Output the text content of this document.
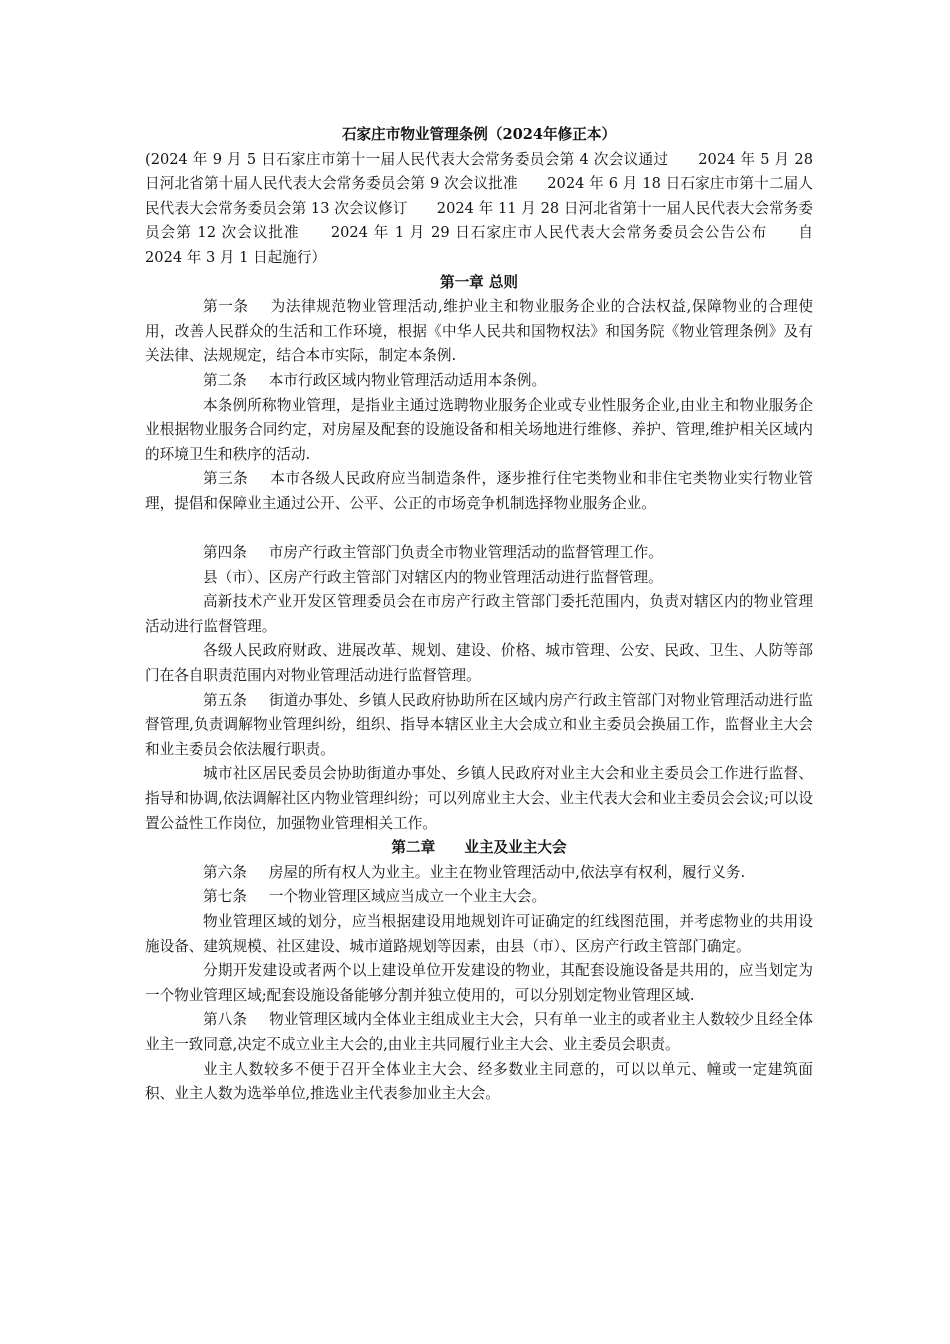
石家庄市物业管理条例（2024年修正本）

(2024 年 9 月 5 日石家庄市第十一届人民代表大会常务委员会第 4 次会议通过　　2024 年 5 月 28 日河北省第十届人民代表大会常务委员会第 9 次会议批准　　2024 年 6 月 18 日石家庄市第十二届人民代表大会常务委员会第 13 次会议修订　　2024 年 11 月 28 日河北省第十一届人民代表大会常务委员会第 12 次会议批准　　2024 年 1 月 29 日石家庄市人民代表大会常务委员会公告公布　　自 2024 年 3 月 1 日起施行）

第一章 总则

第一条 为法律规范物业管理活动,维护业主和物业服务企业的合法权益,保障物业的合理使用，改善人民群众的生活和工作环境，根据《中华人民共和国物权法》和国务院《物业管理条例》及有关法律、法规规定，结合本市实际，制定本条例.

第二条 本市行政区域内物业管理活动适用本条例。

本条例所称物业管理，是指业主通过选聘物业服务企业或专业性服务企业,由业主和物业服务企业根据物业服务合同约定，对房屋及配套的设施设备和相关场地进行维修、养护、管理,维护相关区域内的环境卫生和秩序的活动.

第三条 本市各级人民政府应当制造条件，逐步推行住宅类物业和非住宅类物业实行物业管理，提倡和保障业主通过公开、公平、公正的市场竞争机制选择物业服务企业。

第四条 市房产行政主管部门负责全市物业管理活动的监督管理工作。

县（市）、区房产行政主管部门对辖区内的物业管理活动进行监督管理。

高新技术产业开发区管理委员会在市房产行政主管部门委托范围内，负责对辖区内的物业管理活动进行监督管理。

各级人民政府财政、进展改革、规划、建设、价格、城市管理、公安、民政、卫生、人防等部门在各自职责范围内对物业管理活动进行监督管理。

第五条 街道办事处、乡镇人民政府协助所在区域内房产行政主管部门对物业管理活动进行监督管理,负责调解物业管理纠纷，组织、指导本辖区业主大会成立和业主委员会换届工作，监督业主大会和业主委员会依法履行职责。

城市社区居民委员会协助街道办事处、乡镇人民政府对业主大会和业主委员会工作进行监督、指导和协调,依法调解社区内物业管理纠纷；可以列席业主大会、业主代表大会和业主委员会会议;可以设置公益性工作岗位，加强物业管理相关工作。

第二章　　业主及业主大会

第六条 房屋的所有权人为业主。业主在物业管理活动中,依法享有权利，履行义务.

第七条 一个物业管理区域应当成立一个业主大会。

物业管理区域的划分，应当根据建设用地规划许可证确定的红线图范围，并考虑物业的共用设施设备、建筑规模、社区建设、城市道路规划等因素，由县（市）、区房产行政主管部门确定。

分期开发建设或者两个以上建设单位开发建设的物业，其配套设施设备是共用的，应当划定为一个物业管理区域;配套设施设备能够分割并独立使用的，可以分别划定物业管理区域.

第八条 物业管理区域内全体业主组成业主大会，只有单一业主的或者业主人数较少且经全体业主一致同意,决定不成立业主大会的,由业主共同履行业主大会、业主委员会职责。

业主人数较多不便于召开全体业主大会、经多数业主同意的，可以以单元、幢或一定建筑面积、业主人数为选举单位,推选业主代表参加业主大会。
